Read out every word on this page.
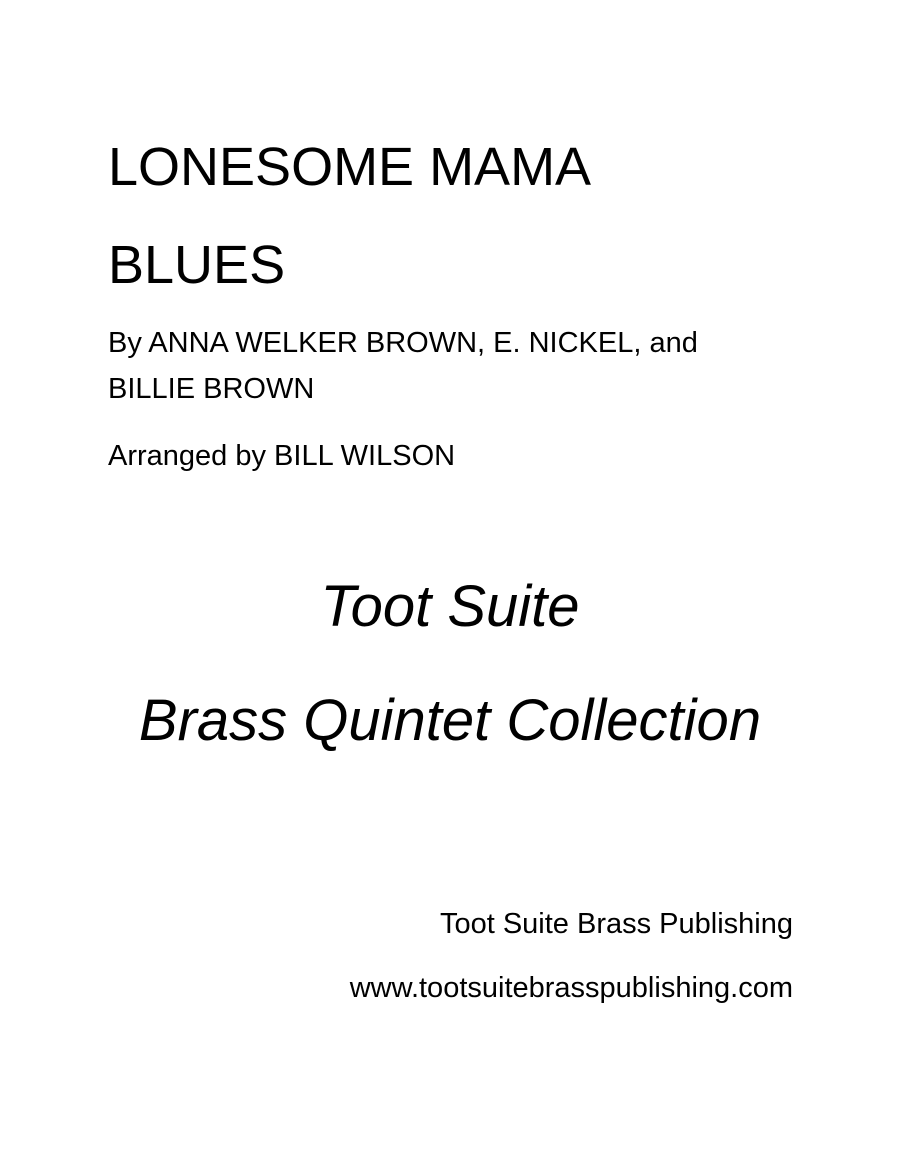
LONESOME MAMA
BLUES

By ANNA WELKER BROWN, E. NICKEL, and
BILLIE BROWN

Arranged by BILL WILSON

Toot Suite

Brass Quintet Collection

Toot Suite Brass Publishing

www.tootsuitebrasspublishing.com
